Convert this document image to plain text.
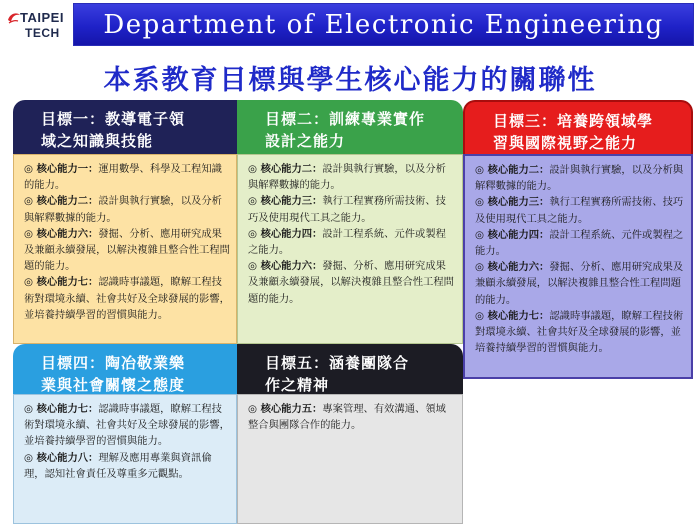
TAIPEI
TECH	Department of Electronic Engineering
本系教育目標與學生核心能力的關聯性
目標一：教導電子領
域之知識與技能

◎ 核心能力一：運用數學、科學及工程知識的能力。

◎ 核心能力二：設計與執行實驗，以及分析與解釋數據的能力。

◎ 核心能力六：發掘、分析、應用研究成果及兼顧永續發展，以解決複雜且整合性工程問題的能力。

◎ 核心能力七：認識時事議題，瞭解工程技術對環境永續、社會共好及全球發展的影響，並培養持續學習的習慣與能力。

目標二：訓練專業實作
設計之能力

◎ 核心能力二：設計與執行實驗，以及分析與解釋數據的能力。

◎ 核心能力三：執行工程實務所需技術、技巧及使用現代工具之能力。

◎ 核心能力四：設計工程系統、元件或製程之能力。

◎ 核心能力六：發掘、分析、應用研究成果及兼顧永續發展，以解決複雜且整合性工程問題的能力。

目標三：培養跨領域學
習與國際視野之能力

◎ 核心能力二：設計與執行實驗，以及分析與解釋數據的能力。

◎ 核心能力三：執行工程實務所需技術、技巧及使用現代工具之能力。

◎ 核心能力四：設計工程系統、元件或製程之能力。

◎ 核心能力六：發掘、分析、應用研究成果及兼顧永續發展，以解決複雜且整合性工程問題的能力。

◎ 核心能力七：認識時事議題，瞭解工程技術對環境永續、社會共好及全球發展的影響，並培養持續學習的習慣與能力。

目標四：陶冶敬業樂
業與社會關懷之態度

◎ 核心能力七：認識時事議題，瞭解工程技術對環境永續、社會共好及全球發展的影響，並培養持續學習的習慣與能力。

◎ 核心能力八：理解及應用專業與資訊倫理，認知社會責任及尊重多元觀點。

目標五：涵養團隊合
作之精神

◎ 核心能力五：專案管理、有效溝通、領域整合與團隊合作的能力。
